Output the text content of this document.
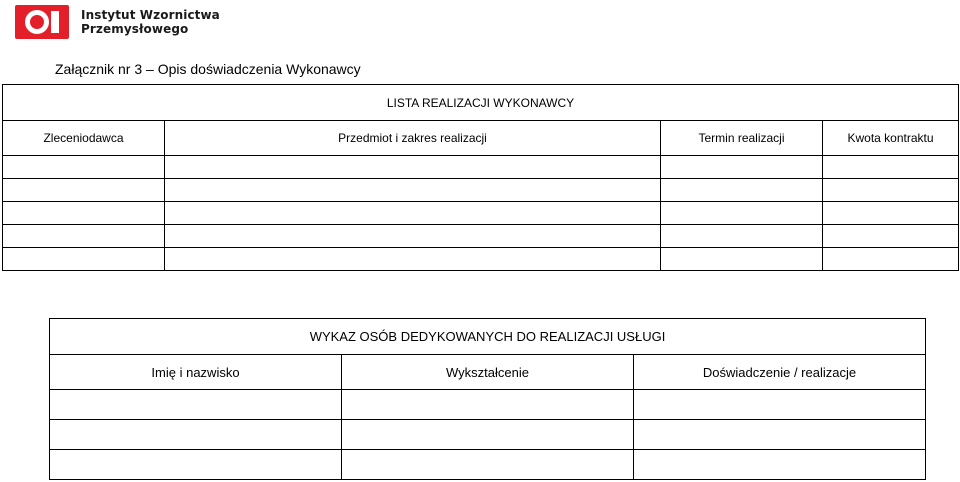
Instytut Wzornictwa
Przemysłowego
Załącznik nr 3 – Opis doświadczenia Wykonawcy
LISTA REALIZACJI WYKONAWCY			
Zleceniodawca	Przedmiot i zakres realizacji	Termin realizacji	Kwota kontraktu

WYKAZ OSÓB DEDYKOWANYCH DO REALIZACJI USŁUGI		
Imię i nazwisko	Wykształcenie	Doświadczenie / realizacje
